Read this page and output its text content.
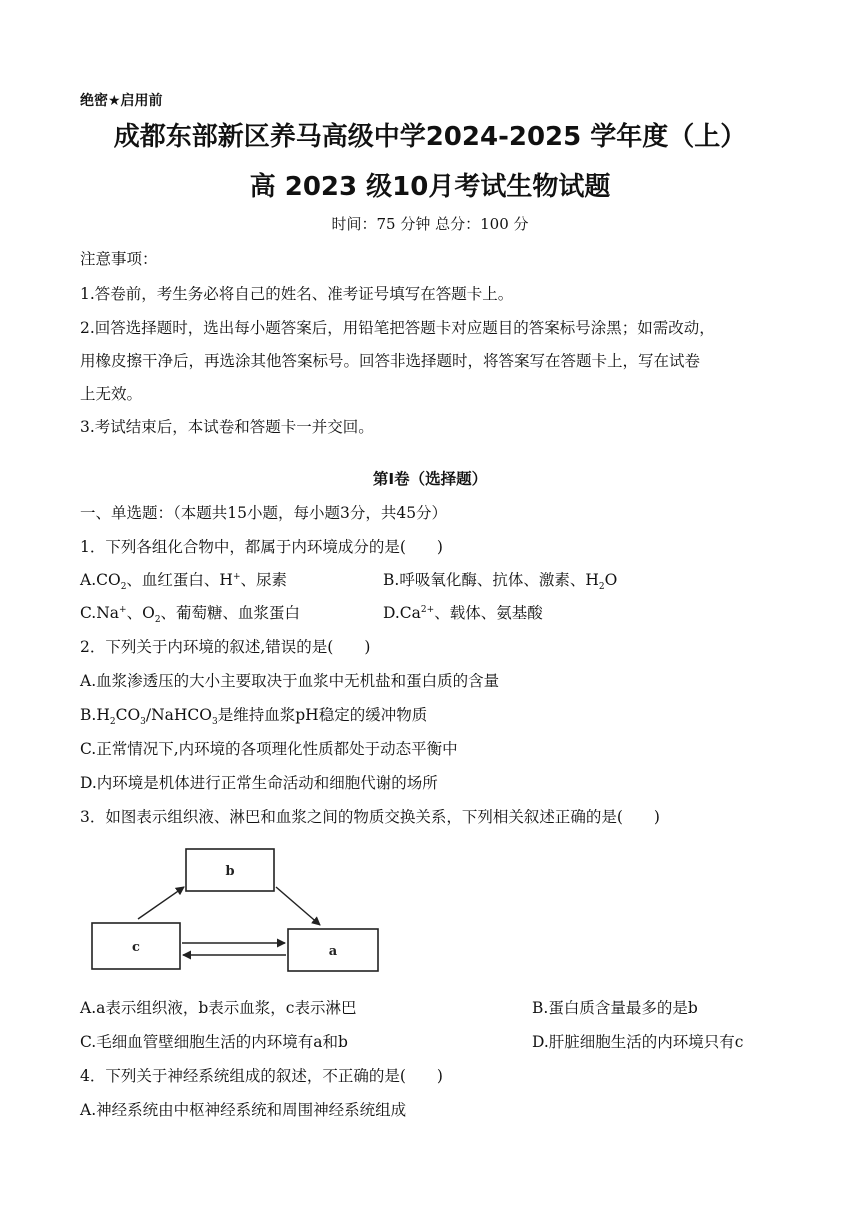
绝密★启用前
成都东部新区养马高级中学2024-2025 学年度（上）
高 2023 级10月考试生物试题
时间：75 分钟 总分：100 分
注意事项：
1.答卷前，考生务必将自己的姓名、准考证号填写在答题卡上。
2.回答选择题时，选出每小题答案后，用铅笔把答题卡对应题目的答案标号涂黑；如需改动，
用橡皮擦干净后，再选涂其他答案标号。回答非选择题时，将答案写在答题卡上，写在试卷
上无效。
3.考试结束后，本试卷和答题卡一并交回。
第Ⅰ卷（选择题）
一、单选题：（本题共15小题，每小题3分，共45分）
1．下列各组化合物中，都属于内环境成分的是(　　)
$A.CO_2$、血红蛋白、H+、尿素	B.呼吸氧化酶、抗体、激素、$H_2O$
C.Na+、$O_2$、葡萄糖、血浆蛋白	$D.Ca^{2+}$、载体、氨基酸
2．下列关于内环境的叙述,错误的是(　　)
A.血浆渗透压的大小主要取决于血浆中无机盐和蛋白质的含量
$B.H_2CO_3/NaHCO_3$是维持血浆pH稳定的缓冲物质
C.正常情况下,内环境的各项理化性质都处于动态平衡中
D.内环境是机体进行正常生命活动和细胞代谢的场所
3．如图表示组织液、淋巴和血浆之间的物质交换关系，下列相关叙述正确的是(　　)
b
c	a
A.a表示组织液，b表示血浆，c表示淋巴	B.蛋白质含量最多的是b
C.毛细血管壁细胞生活的内环境有a和b	D.肝脏细胞生活的内环境只有c
4．下列关于神经系统组成的叙述，不正确的是(　　)
A.神经系统由中枢神经系统和周围神经系统组成
